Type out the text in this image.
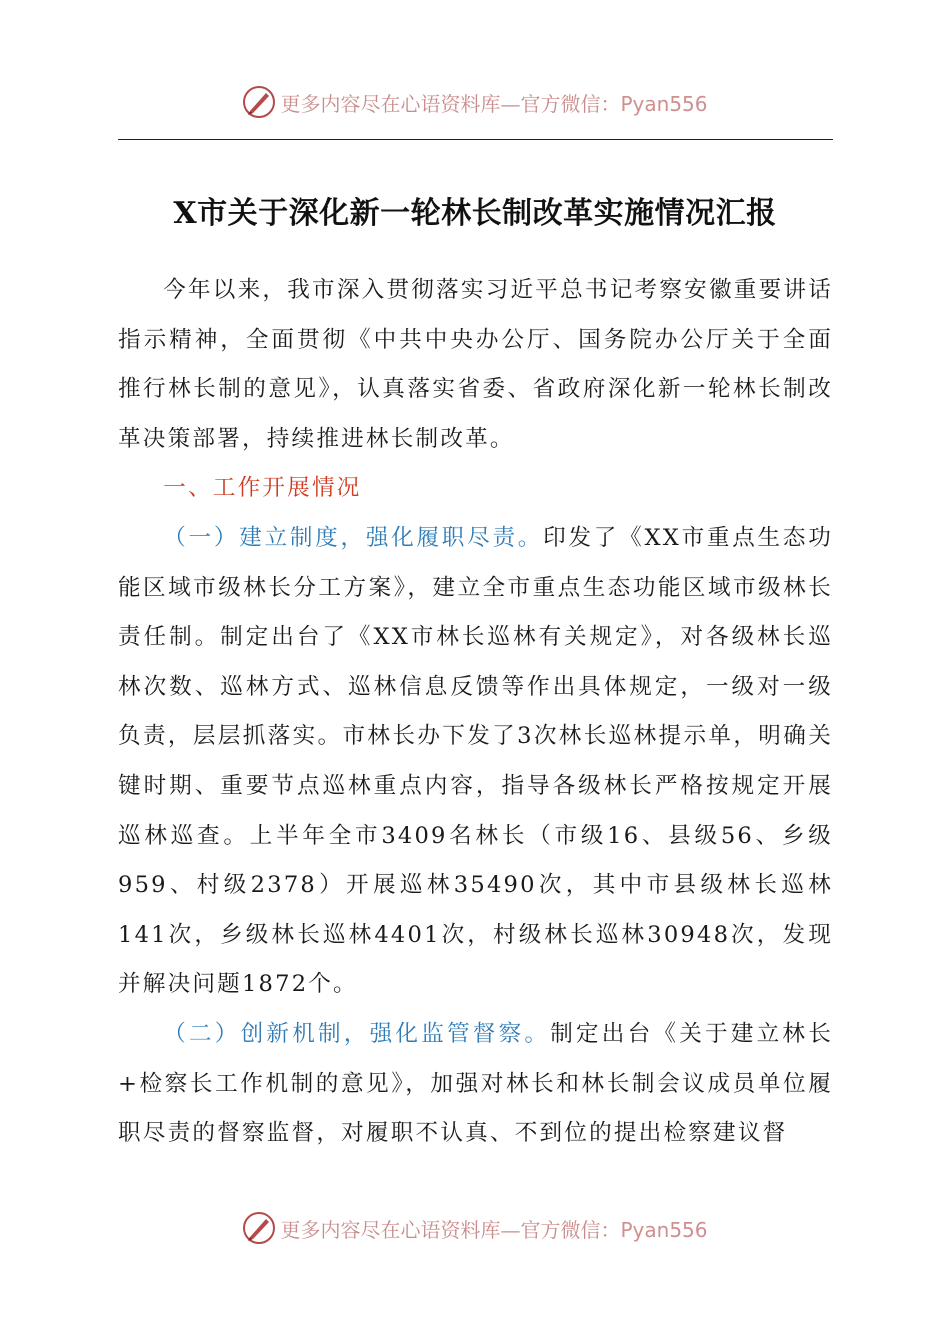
更多内容尽在心语资料库—官方微信：Pyan556
X市关于深化新一轮林长制改革实施情况汇报

今年以来，我市深入贯彻落实习近平总书记考察安徽重要讲话指示精神，全面贯彻《中共中央办公厅、国务院办公厅关于全面推行林长制的意见》，认真落实省委、省政府深化新一轮林长制改革决策部署，持续推进林长制改革。

一、工作开展情况

（一）建立制度，强化履职尽责。印发了《XX市重点生态功能区域市级林长分工方案》，建立全市重点生态功能区域市级林长责任制。制定出台了《XX市林长巡林有关规定》，对各级林长巡林次数、巡林方式、巡林信息反馈等作出具体规定，一级对一级负责，层层抓落实。市林长办下发了3次林长巡林提示单，明确关键时期、重要节点巡林重点内容，指导各级林长严格按规定开展巡林巡查。上半年全市3409名林长（市级16、县级56、乡级959、村级2378）开展巡林35490次，其中市县级林长巡林141次，乡级林长巡林4401次，村级林长巡林30948次，发现并解决问题1872个。

（二）创新机制，强化监管督察。制定出台《关于建立林长+检察长工作机制的意见》，加强对林长和林长制会议成员单位履职尽责的督察监督，对履职不认真、不到位的提出检察建议督

更多内容尽在心语资料库—官方微信：Pyan556
